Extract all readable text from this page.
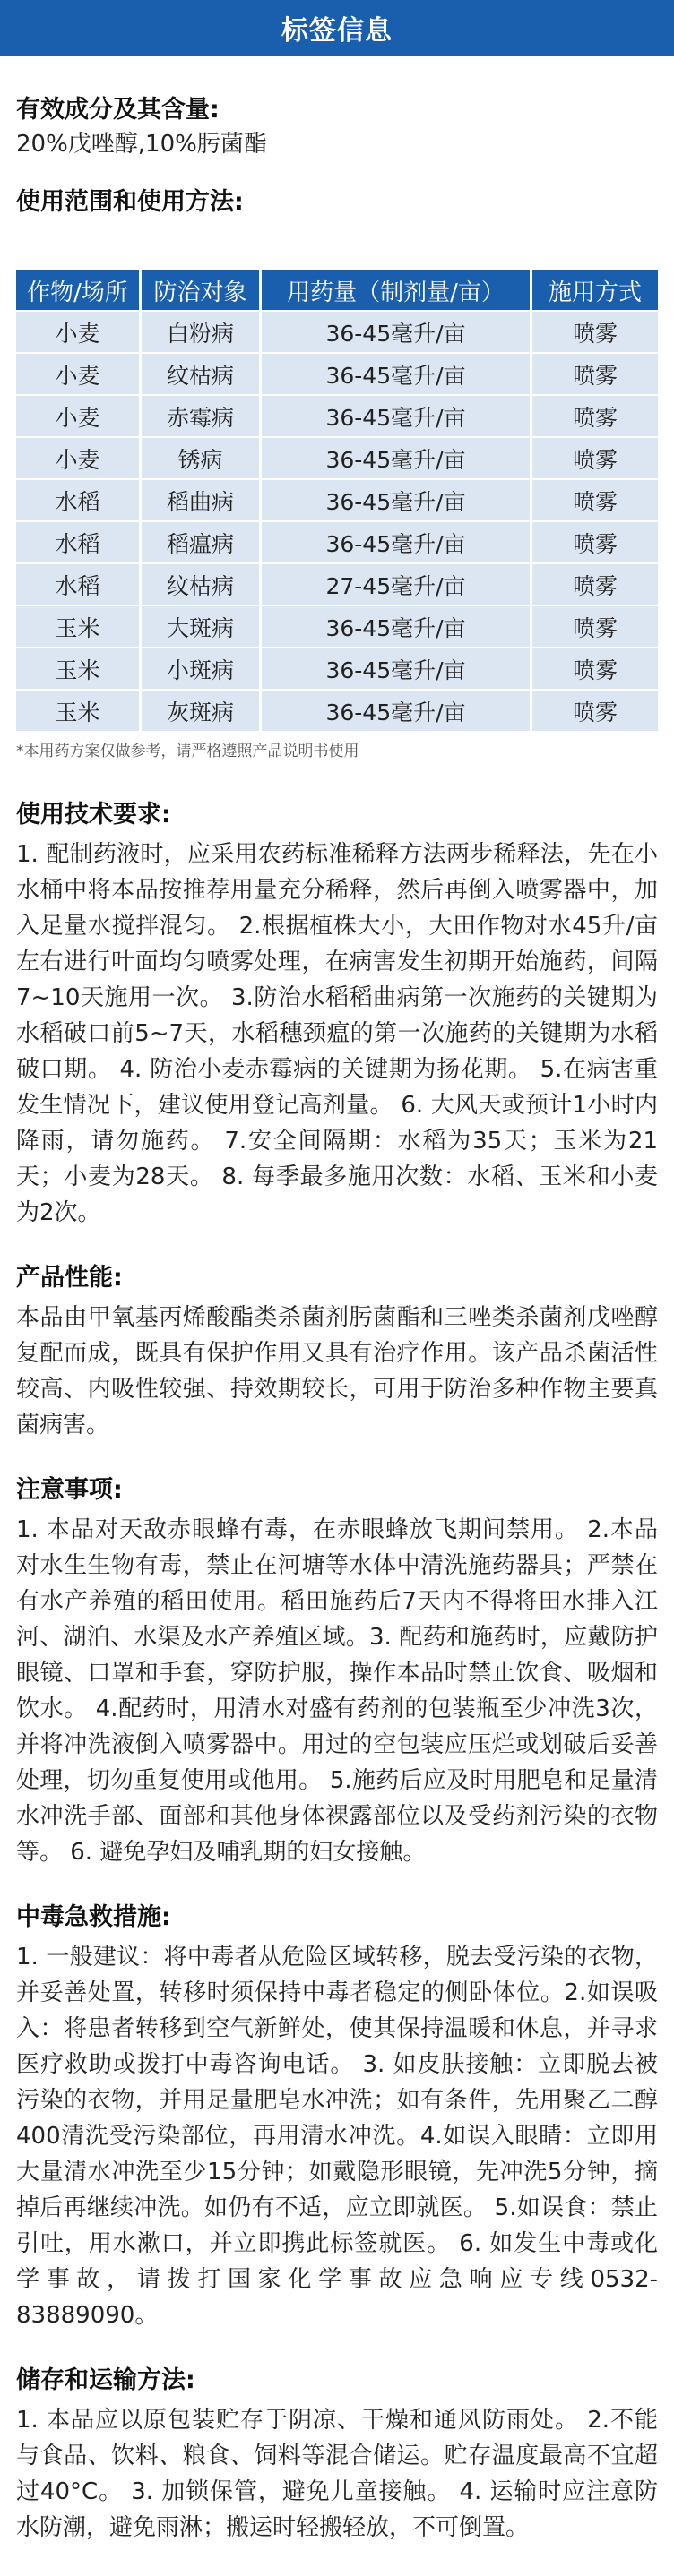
标签信息
有效成分及其含量:
20%戊唑醇,10%肟菌酯
使用范围和使用方法:
作物/场所	防治对象	用药量（制剂量/亩）	施用方式
小麦	白粉病	36-45毫升/亩	喷雾
小麦	纹枯病	36-45毫升/亩	喷雾
小麦	赤霉病	36-45毫升/亩	喷雾
小麦	锈病	36-45毫升/亩	喷雾
水稻	稻曲病	36-45毫升/亩	喷雾
水稻	稻瘟病	36-45毫升/亩	喷雾
水稻	纹枯病	27-45毫升/亩	喷雾
玉米	大斑病	36-45毫升/亩	喷雾
玉米	小斑病	36-45毫升/亩	喷雾
玉米	灰斑病	36-45毫升/亩	喷雾
*本用药方案仅做参考，请严格遵照产品说明书使用
使用技术要求:
1. 配制药液时，应采用农药标准稀释方法两步稀释法，先在小水桶中将本品按推荐用量充分稀释，然后再倒入喷雾器中，加入足量水搅拌混匀。 2.根据植株大小，大田作物对水45升/亩左右进行叶面均匀喷雾处理，在病害发生初期开始施药，间隔7~10天施用一次。 3.防治水稻稻曲病第一次施药的关键期为水稻破口前5~7天，水稻穗颈瘟的第一次施药的关键期为水稻破口期。 4. 防治小麦赤霉病的关键期为扬花期。 5.在病害重发生情况下，建议使用登记高剂量。 6. 大风天或预计1小时内降雨，请勿施药。 7.安全间隔期：水稻为35天；玉米为21天；小麦为28天。 8. 每季最多施用次数：水稻、玉米和小麦为2次。
产品性能:
本品由甲氧基丙烯酸酯类杀菌剂肟菌酯和三唑类杀菌剂戊唑醇复配而成，既具有保护作用又具有治疗作用。该产品杀菌活性较高、内吸性较强、持效期较长，可用于防治多种作物主要真菌病害。
注意事项:
1. 本品对天敌赤眼蜂有毒，在赤眼蜂放飞期间禁用。 2.本品对水生生物有毒，禁止在河塘等水体中清洗施药器具；严禁在有水产养殖的稻田使用。稻田施药后7天内不得将田水排入江河、湖泊、水渠及水产养殖区域。3. 配药和施药时，应戴防护眼镜、口罩和手套，穿防护服，操作本品时禁止饮食、吸烟和饮水。 4.配药时，用清水对盛有药剂的包装瓶至少冲洗3次，并将冲洗液倒入喷雾器中。用过的空包装应压烂或划破后妥善处理，切勿重复使用或他用。 5.施药后应及时用肥皂和足量清水冲洗手部、面部和其他身体裸露部位以及受药剂污染的衣物等。 6. 避免孕妇及哺乳期的妇女接触。
中毒急救措施:
1. 一般建议：将中毒者从危险区域转移，脱去受污染的衣物，并妥善处置，转移时须保持中毒者稳定的侧卧体位。2.如误吸入：将患者转移到空气新鲜处，使其保持温暖和休息，并寻求医疗救助或拨打中毒咨询电话。 3. 如皮肤接触：立即脱去被污染的衣物，并用足量肥皂水冲洗；如有条件，先用聚乙二醇400清洗受污染部位，再用清水冲洗。4.如误入眼睛：立即用大量清水冲洗至少15分钟；如戴隐形眼镜，先冲洗5分钟，摘掉后再继续冲洗。如仍有不适，应立即就医。 5.如误食：禁止引吐，用水漱口，并立即携此标签就医。 6. 如发生中毒或化学事故，请拨打国家化学事故应急响应专线0532-83889090。
储存和运输方法:
1. 本品应以原包装贮存于阴凉、干燥和通风防雨处。 2.不能与食品、饮料、粮食、饲料等混合储运。贮存温度最高不宜超过40°C。 3. 加锁保管，避免儿童接触。 4. 运输时应注意防水防潮，避免雨淋；搬运时轻搬轻放，不可倒置。
